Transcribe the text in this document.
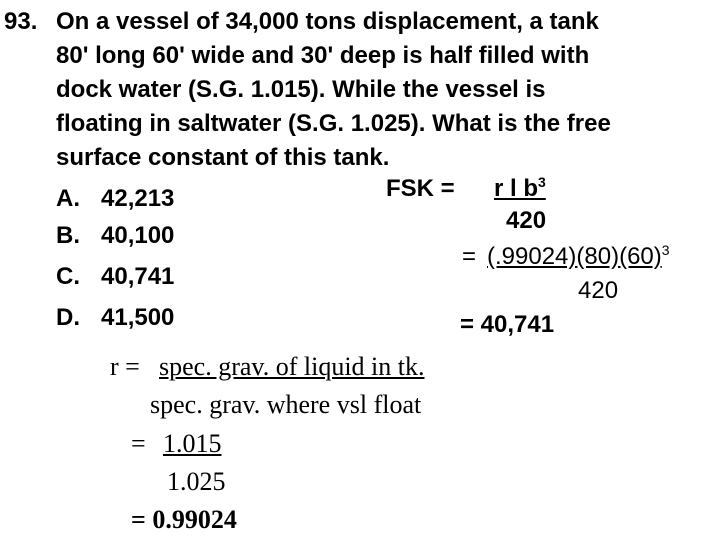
93. On a vessel of 34,000 tons displacement, a tank
80' long 60' wide and 30' deep is half filled with
dock water (S.G. 1.015). While the vessel is
floating in saltwater (S.G. 1.025). What is the free
surface constant of this tank.
A. 42,213
B. 40,100
C. 40,741
D. 41,500
FSK = r l $b^3$
420
= $(.99024)(80)(60)^3$
420
= 40,741
r = spec. grav. of liquid in tk.
spec. grav. where vsl float
= 1.015
1.025
= 0.99024
